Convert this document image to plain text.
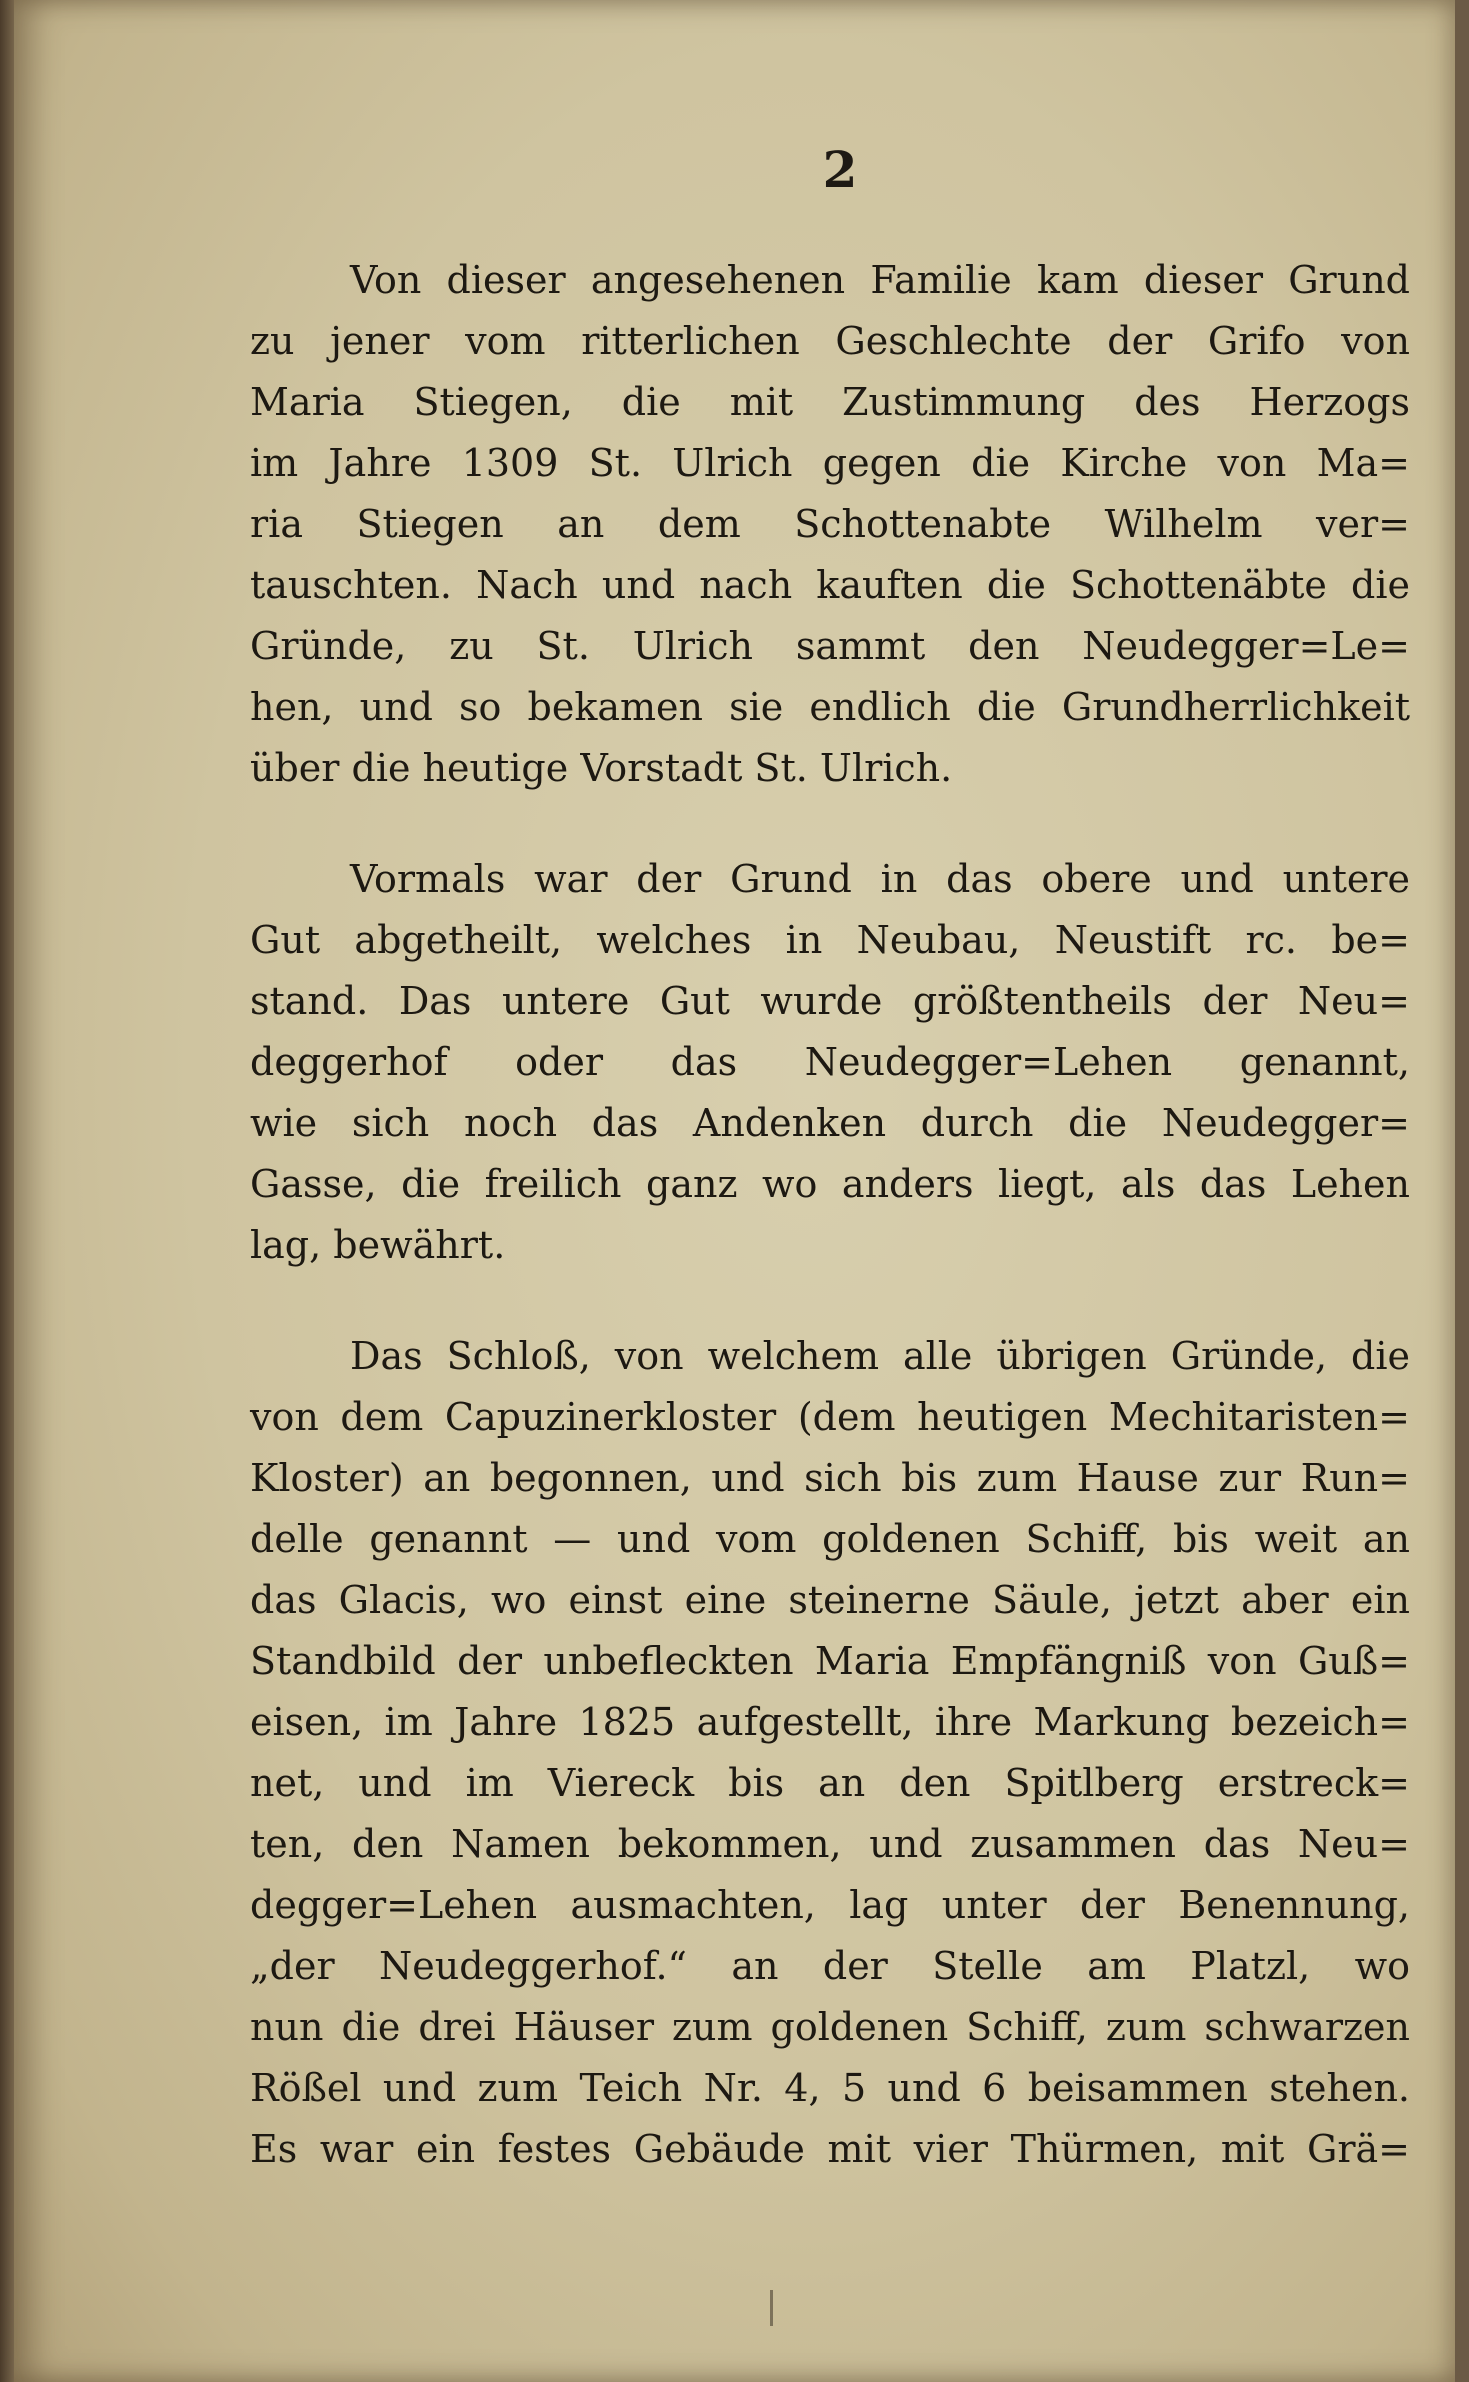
2
Von dieser angesehenen Familie kam dieser Grund
zu jener vom ritterlichen Geschlechte der Grifo von
Maria Stiegen, die mit Zustimmung des Herzogs
im Jahre 1309 St. Ulrich gegen die Kirche von Ma=
ria Stiegen an dem Schottenabte Wilhelm ver=
tauschten. Nach und nach kauften die Schottenäbte die
Gründe, zu St. Ulrich sammt den Neudegger=Le=
hen, und so bekamen sie endlich die Grundherrlichkeit
über die heutige Vorstadt St. Ulrich.
Vormals war der Grund in das obere und untere
Gut abgetheilt, welches in Neubau, Neustift rc. be=
stand. Das untere Gut wurde größtentheils der Neu=
deggerhof oder das Neudegger=Lehen genannt,
wie sich noch das Andenken durch die Neudegger=
Gasse, die freilich ganz wo anders liegt, als das Lehen
lag, bewährt.
Das Schloß, von welchem alle übrigen Gründe, die
von dem Capuzinerkloster (dem heutigen Mechitaristen=
Kloster) an begonnen, und sich bis zum Hause zur Run=
delle genannt — und vom goldenen Schiff, bis weit an
das Glacis, wo einst eine steinerne Säule, jetzt aber ein
Standbild der unbefleckten Maria Empfängniß von Guß=
eisen, im Jahre 1825 aufgestellt, ihre Markung bezeich=
net, und im Viereck bis an den Spitlberg erstreck=
ten, den Namen bekommen, und zusammen das Neu=
degger=Lehen ausmachten, lag unter der Benennung,
„der Neudeggerhof.“ an der Stelle am Platzl, wo
nun die drei Häuser zum goldenen Schiff, zum schwarzen
Rößel und zum Teich Nr. 4, 5 und 6 beisammen stehen.
Es war ein festes Gebäude mit vier Thürmen, mit Grä=
